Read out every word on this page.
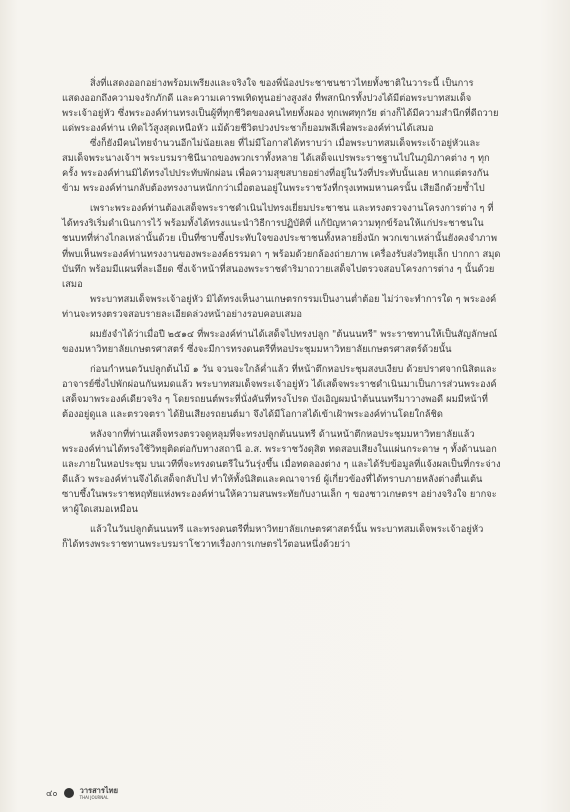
สิ่งที่แสดงออกอย่างพร้อมเพรียงและจริงใจ ของพี่น้องประชาชนชาวไทยทั้งชาติในวาระนี้ เป็นการแสดงออกถึงความจงรักภักดี และความเคารพเทิดทูนอย่างสูงส่ง ที่พสกนิกรทั้งปวงได้มีต่อพระบาทสมเด็จพระเจ้าอยู่หัว ซึ่งพระองค์ท่านทรงเป็นผู้ที่ทุกชีวิตของคนไทยทั้งผอง ทุกเพศทุกวัย ต่างก็ได้มีความสำนึกที่ดีถวายแด่พระองค์ท่าน เทิดไว้สูงสุดเหนือหัว แม้ด้วยชีวิตปวงประชาก็ยอมพลีเพื่อพระองค์ท่านได้เสมอ

ซึ่งก็ยังมีคนไทยจำนวนอีกไม่น้อยเลย ที่ไม่มีโอกาสได้ทราบว่า เมื่อพระบาทสมเด็จพระเจ้าอยู่หัวและสมเด็จพระนางเจ้าฯ พระบรมราชินีนาถของพวกเราทั้งหลาย ได้เสด็จแปรพระราชฐานไปในภูมิภาคต่าง ๆ ทุกครั้ง พระองค์ท่านมิได้ทรงไปประทับพักผ่อน เพื่อความสุขสบายอย่างที่อยู่ในวังที่ประทับนั้นเลย หากแต่ตรงกันข้าม พระองค์ท่านกลับต้องทรงงานหนักกว่าเมื่อตอนอยู่ในพระราชวังที่กรุงเทพมหานครนั้น เสียอีกด้วยซ้ำไป

เพราะพระองค์ท่านต้องเสด็จพระราชดำเนินไปทรงเยี่ยมประชาชน และทรงตรวจงานโครงการต่าง ๆ ที่ได้ทรงริเริ่มดำเนินการไว้ พร้อมทั้งได้ทรงแนะนำวิธีการปฏิบัติที่ แก้ปัญหาความทุกข์ร้อนให้แก่ประชาชนในชนบทที่ห่างไกลเหล่านั้นด้วย เป็นที่ซาบซึ้งประทับใจของประชาชนทั้งหลายยิ่งนัก พวกเขาเหล่านั้นยังคงจำภาพที่พบเห็นพระองค์ท่านทรงงานของพระองค์ธรรมดา ๆ พร้อมด้วยกล้องถ่ายภาพ เครื่องรับส่งวิทยุเล็ก ปากกา สมุดบันทึก พร้อมมีแผนที่ละเอียด ซึ่งเจ้าหน้าที่สนองพระราชดำริมาถวายเสด็จไปตรวจสอบโครงการต่าง ๆ นั้นด้วยเสมอ

พระบาทสมเด็จพระเจ้าอยู่หัว มิได้ทรงเห็นงานเกษตรกรรมเป็นงานต่ำต้อย ไม่ว่าจะทำการใด ๆ พระองค์ท่านจะทรงตรวจสอบรายละเอียดล่วงหน้าอย่างรอบคอบเสมอ

ผมยังจำได้ว่าเมื่อปี ๒๕๑๔ ที่พระองค์ท่านได้เสด็จไปทรงปลูก "ต้นนนทรี" พระราชทานให้เป็นสัญลักษณ์ของมหาวิทยาลัยเกษตรศาสตร์ ซึ่งจะมีการทรงดนตรีที่หอประชุมมหาวิทยาลัยเกษตรศาสตร์ด้วยนั้น

ก่อนกำหนดวันปลูกต้นไม้ ๑ วัน จวนจะใกล้ค่ำแล้ว ที่หน้าตึกหอประชุมสงบเงียบ ด้วยปราศจากนิสิตและอาจารย์ซึ่งไปพักผ่อนกันหมดแล้ว พระบาทสมเด็จพระเจ้าอยู่หัว ได้เสด็จพระราชดำเนินมาเป็นการส่วนพระองค์ เสด็จมาพระองค์เดียวจริง ๆ โดยรถยนต์พระที่นั่งคันที่ทรงโปรด บังเอิญผมนำต้นนนทรีมาวางพอดี ผมมีหน้าที่ต้องอยู่ดูแล และตรวจตรา ได้ยินเสียงรถยนต์มา จึงได้มีโอกาสได้เข้าเฝ้าพระองค์ท่านโดยใกล้ชิด

หลังจากที่ท่านเสด็จทรงตรวจดูหลุมที่จะทรงปลูกต้นนนทรี ด้านหน้าตึกหอประชุมมหาวิทยาลัยแล้ว พระองค์ท่านได้ทรงใช้วิทยุติดต่อกับทางสถานี อ.ส. พระราชวังดุสิต ทดสอบเสียงในแผ่นกระดาษ ๆ ทั้งด้านนอกและภายในหอประชุม บนเวทีที่จะทรงดนตรีในวันรุ่งขึ้น เมื่อทดลองต่าง ๆ และได้รับข้อมูลที่แจ้งผลเป็นที่กระจ่างดีแล้ว พระองค์ท่านจึงได้เสด็จกลับไป ทำให้ทั้งนิสิตและคณาจารย์ ผู้เกี่ยวข้องที่ได้ทราบภายหลังต่างตื่นเต้น ซาบซึ้งในพระราชหฤทัยแห่งพระองค์ท่านให้ความสนพระทัยกับงานเล็ก ๆ ของชาวเกษตรฯ อย่างจริงใจ ยากจะหาผู้ใดเสมอเหมือน

แล้วในวันปลูกต้นนนทรี และทรงดนตรีที่มหาวิทยาลัยเกษตรศาสตร์นั้น พระบาทสมเด็จพระเจ้าอยู่หัว ก็ได้ทรงพระราชทานพระบรมราโชวาทเรื่องการเกษตรไว้ตอนหนึ่งด้วยว่า

๔๐	วารสารไทย
THAI JOURNAL
